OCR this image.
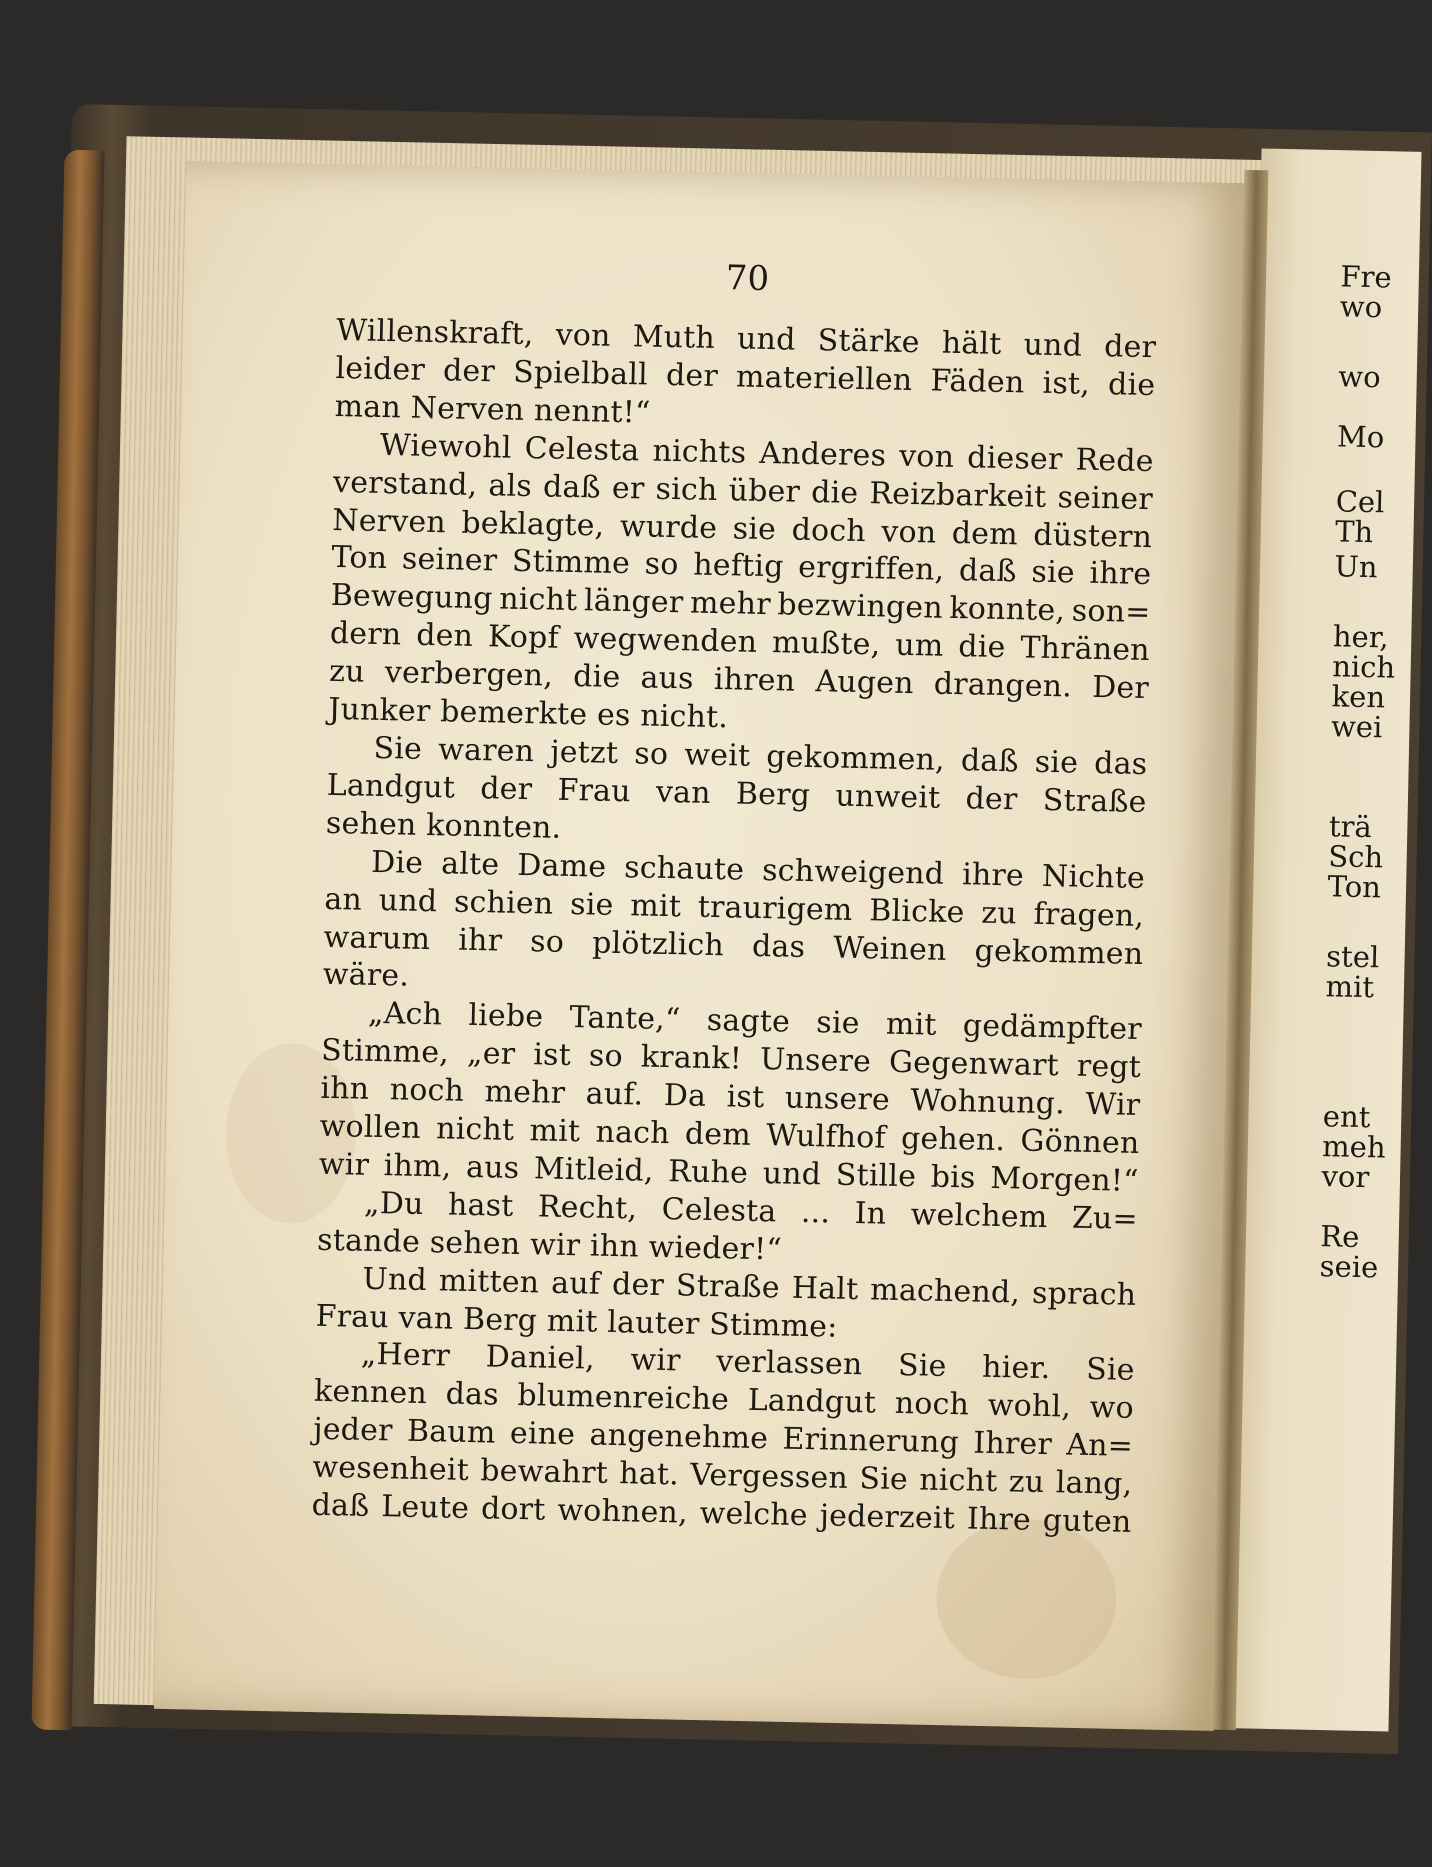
70
Willenskraft, von Muth und Stärke hält und der
leider der Spielball der materiellen Fäden ist, die
man Nerven nennt!“
Wiewohl Celesta nichts Anderes von dieser Rede
verstand, als daß er sich über die Reizbarkeit seiner
Nerven beklagte, wurde sie doch von dem düstern
Ton seiner Stimme so heftig ergriffen, daß sie ihre
Bewegung nicht länger mehr bezwingen konnte, son=
dern den Kopf wegwenden mußte, um die Thränen
zu verbergen, die aus ihren Augen drangen. Der
Junker bemerkte es nicht.
Sie waren jetzt so weit gekommen, daß sie das
Landgut der Frau van Berg unweit der Straße
sehen konnten.
Die alte Dame schaute schweigend ihre Nichte
an und schien sie mit traurigem Blicke zu fragen,
warum ihr so plötzlich das Weinen gekommen
wäre.
„Ach liebe Tante,“ sagte sie mit gedämpfter
Stimme, „er ist so krank! Unsere Gegenwart regt
ihn noch mehr auf. Da ist unsere Wohnung. Wir
wollen nicht mit nach dem Wulfhof gehen. Gönnen
wir ihm, aus Mitleid, Ruhe und Stille bis Morgen!“
„Du hast Recht, Celesta ... In welchem Zu=
stande sehen wir ihn wieder!“
Und mitten auf der Straße Halt machend, sprach
Frau van Berg mit lauter Stimme:
„Herr Daniel, wir verlassen Sie hier. Sie
kennen das blumenreiche Landgut noch wohl, wo
jeder Baum eine angenehme Erinnerung Ihrer An=
wesenheit bewahrt hat. Vergessen Sie nicht zu lang,
daß Leute dort wohnen, welche jederzeit Ihre guten
Fre
wo
wo
Mo
Cel
Th
Un
her,
nich
ken
wei
trä
Sch
Ton
stel
mit
ent
meh
vor
Re
seie
